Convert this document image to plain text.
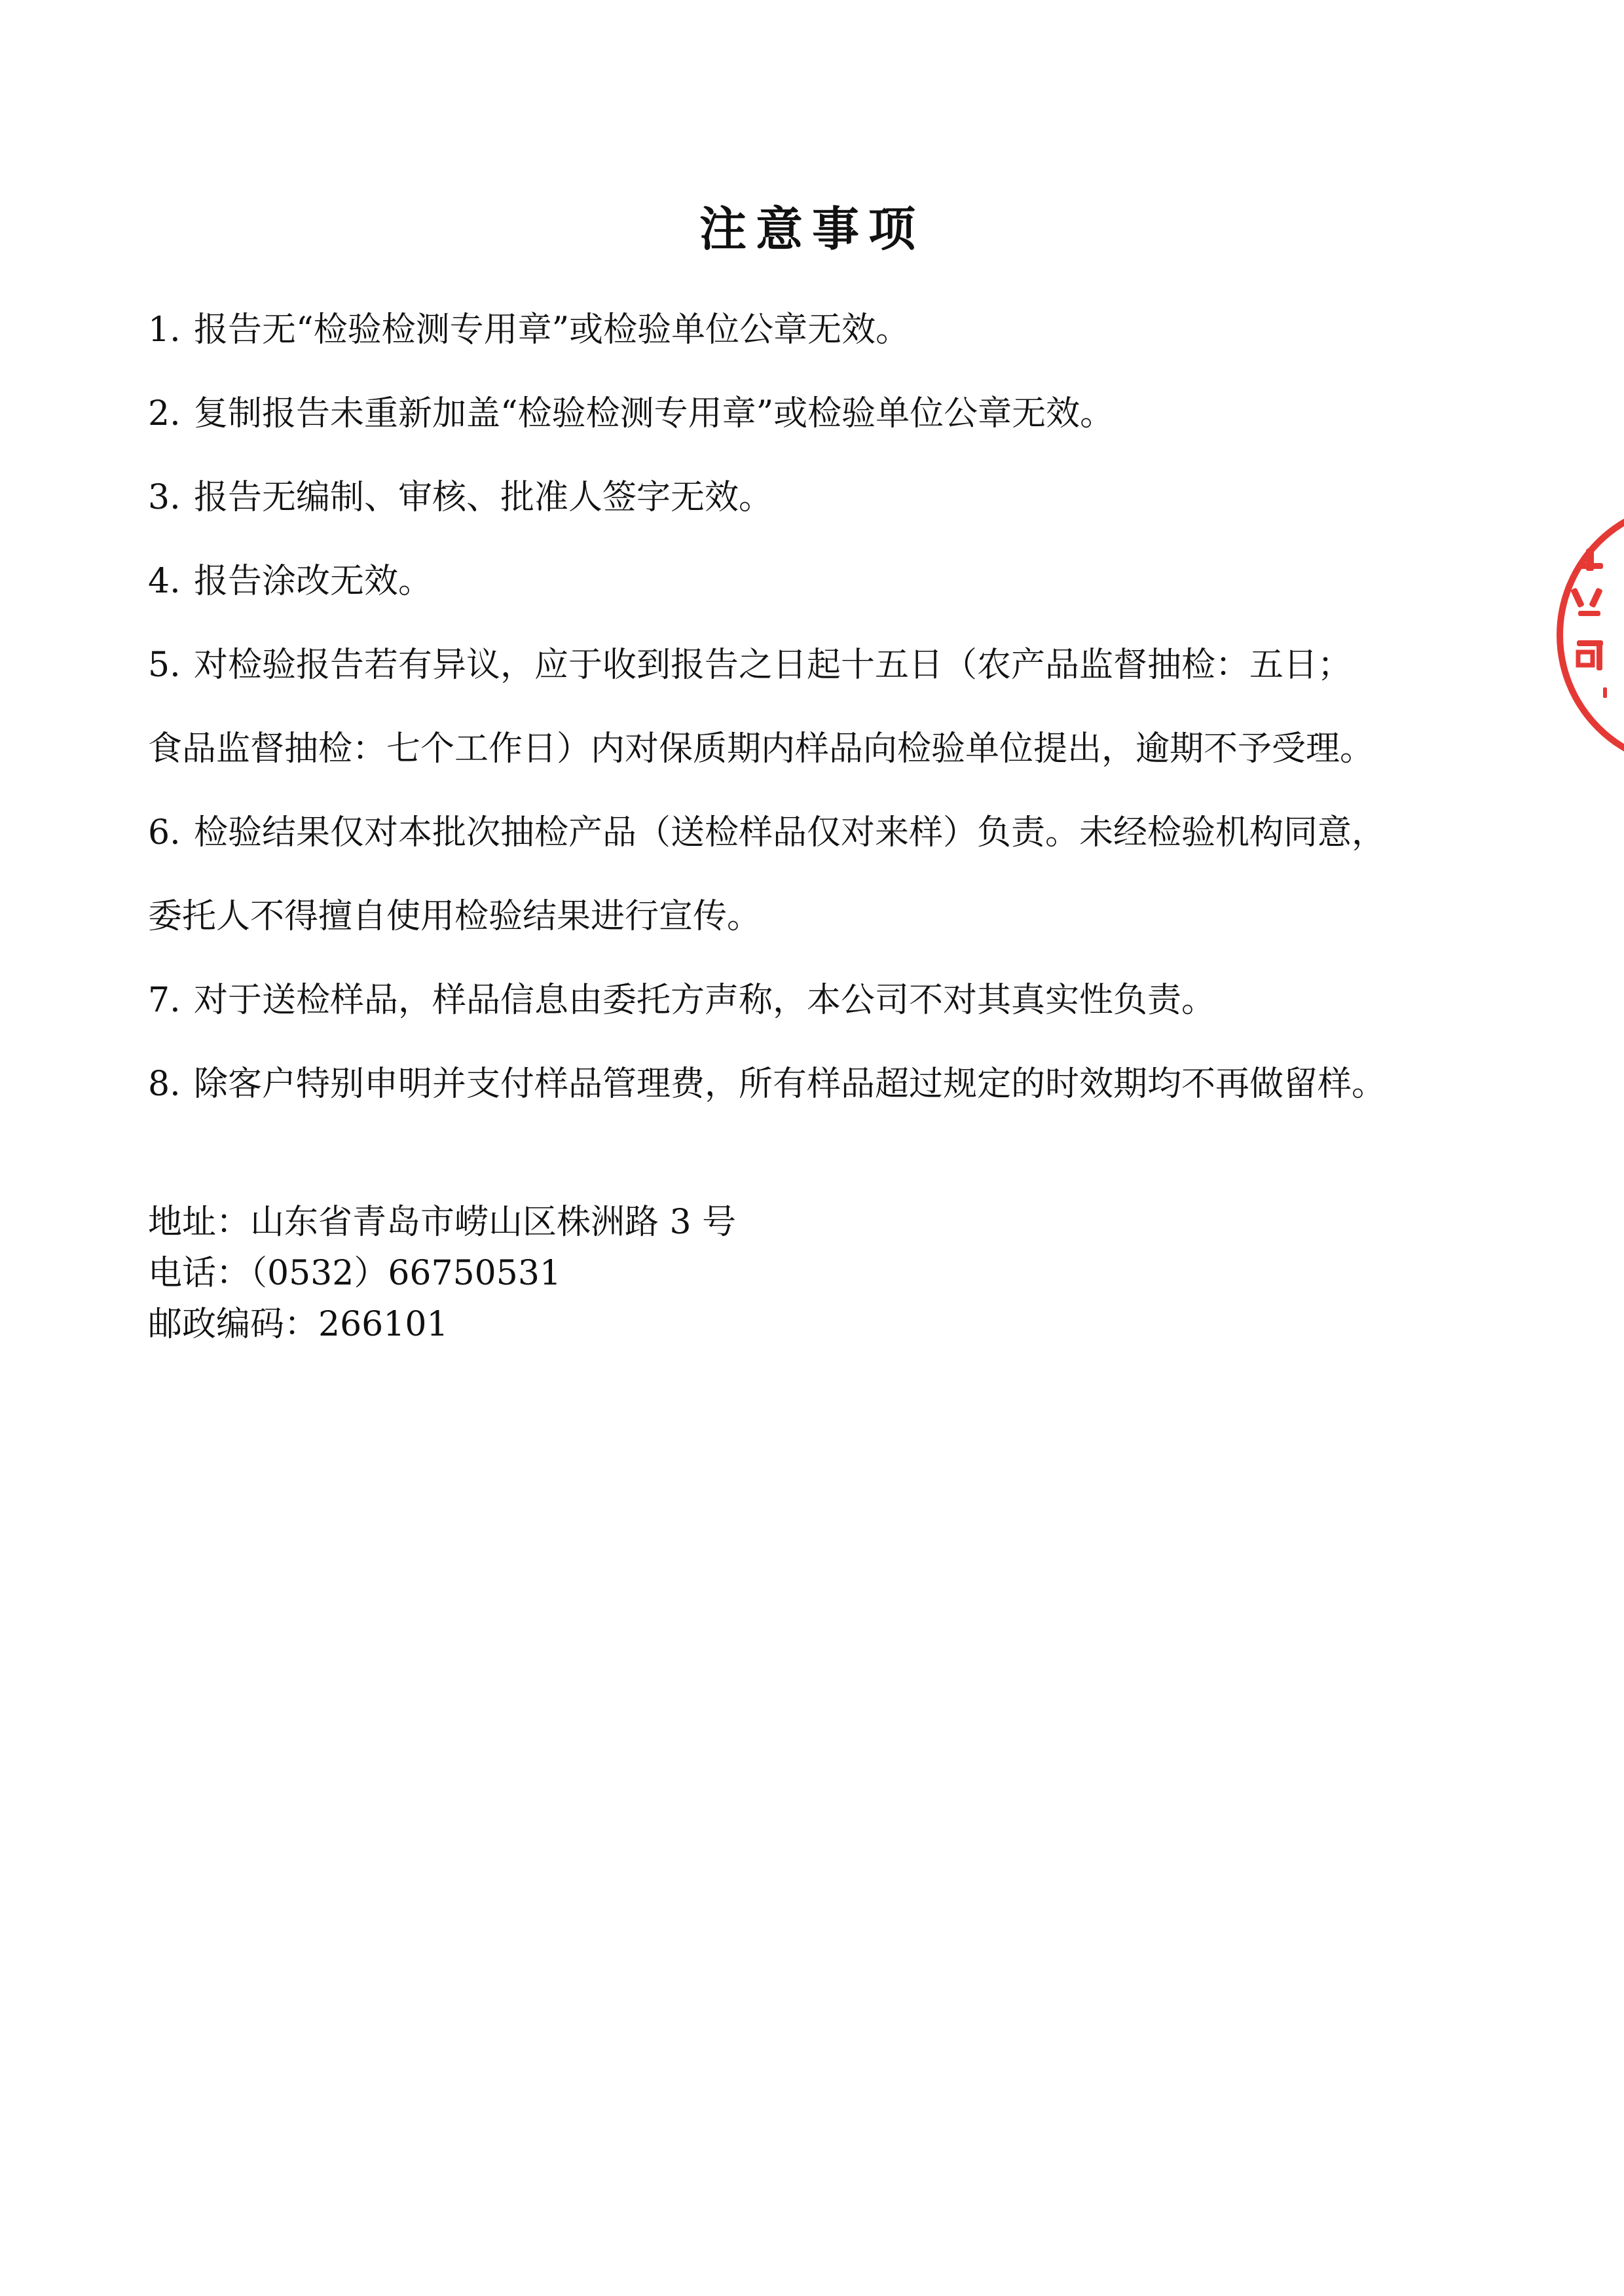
注意事项
1. 报告无“检验检测专用章”或检验单位公章无效。
2. 复制报告未重新加盖“检验检测专用章”或检验单位公章无效。
3. 报告无编制、审核、批准人签字无效。
4. 报告涂改无效。
5. 对检验报告若有异议，应于收到报告之日起十五日（农产品监督抽检：五日；
食品监督抽检：七个工作日）内对保质期内样品向检验单位提出，逾期不予受理。
6. 检验结果仅对本批次抽检产品（送检样品仅对来样）负责。未经检验机构同意，
委托人不得擅自使用检验结果进行宣传。
7. 对于送检样品，样品信息由委托方声称，本公司不对其真实性负责。
8. 除客户特别申明并支付样品管理费，所有样品超过规定的时效期均不再做留样。
地址：山东省青岛市崂山区株洲路 3 号
电话：（0532）66750531
邮政编码：266101
